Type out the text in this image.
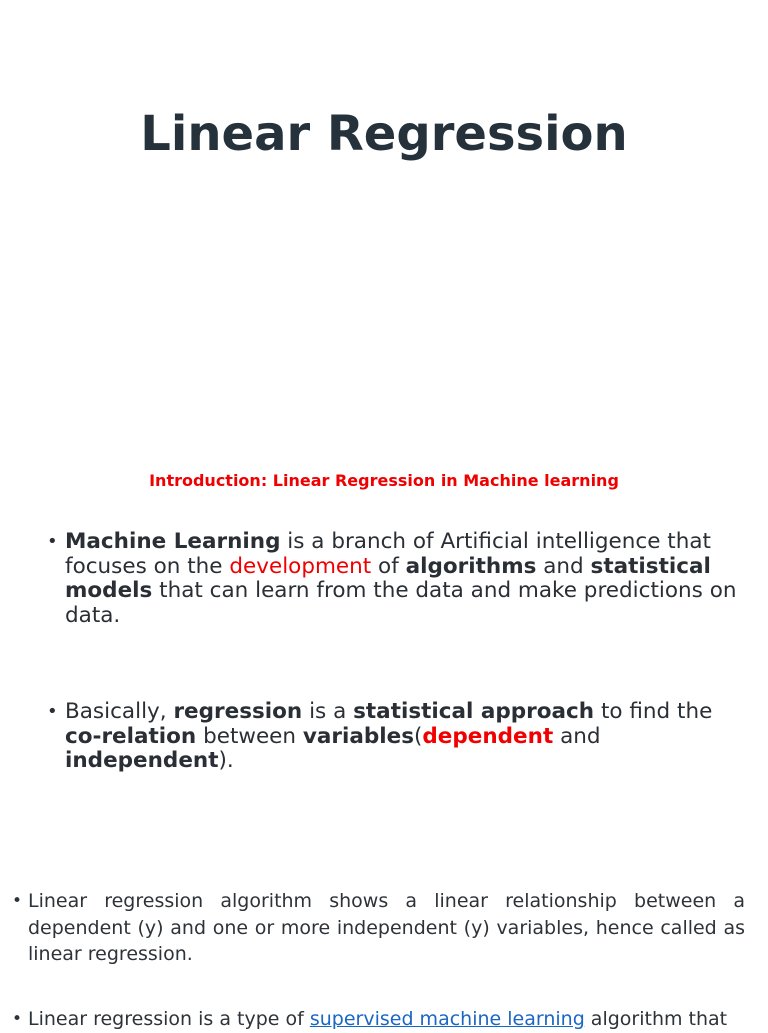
Linear Regression
Introduction: Linear Regression in Machine learning
• Machine Learning is a branch of Artificial intelligence that focuses on the development of algorithms and statistical models that can learn from the data and make predictions on data.
• Basically, regression is a statistical approach to find the co-relation between variables(dependent and independent).
• Linear regression algorithm shows a linear relationship between a dependent (y) and one or more independent (y) variables, hence called as linear regression.
• Linear regression is a type of supervised machine learning algorithm that
